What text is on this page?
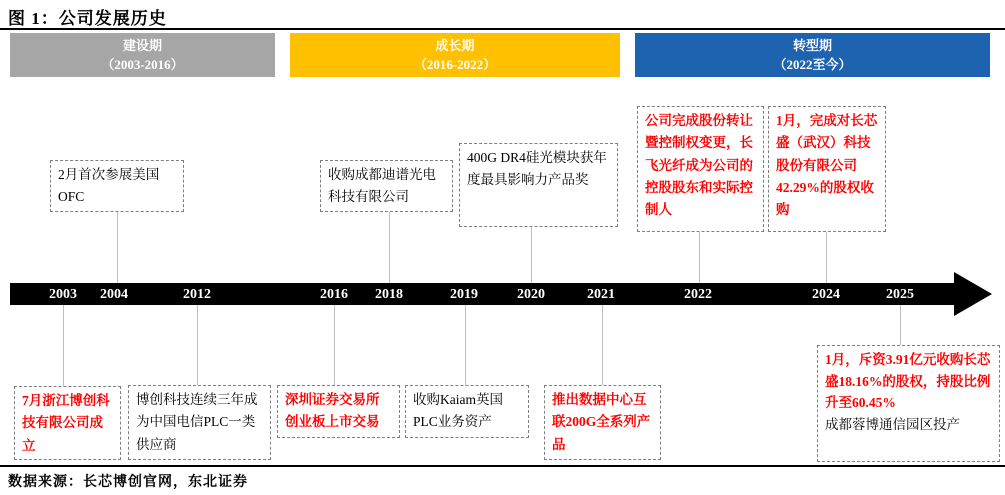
图 1：公司发展历史
建设期
（2003-2016）
成长期
（2016-2022）
转型期
（2022至今）
2月首次参展美国OFC
收购成都迪谱光电科技有限公司
400G DR4硅光模块获年度最具影响力产品奖
公司完成股份转让暨控制权变更，长飞光纤成为公司的控股股东和实际控制人
1月，完成对长芯盛（武汉）科技股份有限公司42.29%的股权收购
2003	2004	2012	2016	2018	2019	2020	2021	2022	2024	2025
7月浙江博创科技有限公司成立
博创科技连续三年成为中国电信PLC一类供应商
深圳证券交易所创业板上市交易
收购Kaiam英国PLC业务资产
推出数据中心互联200G全系列产品
1月，斥资3.91亿元收购长芯盛18.16%的股权，持股比例升至60.45%
成都蓉博通信园区投产
数据来源：长芯博创官网，东北证券
